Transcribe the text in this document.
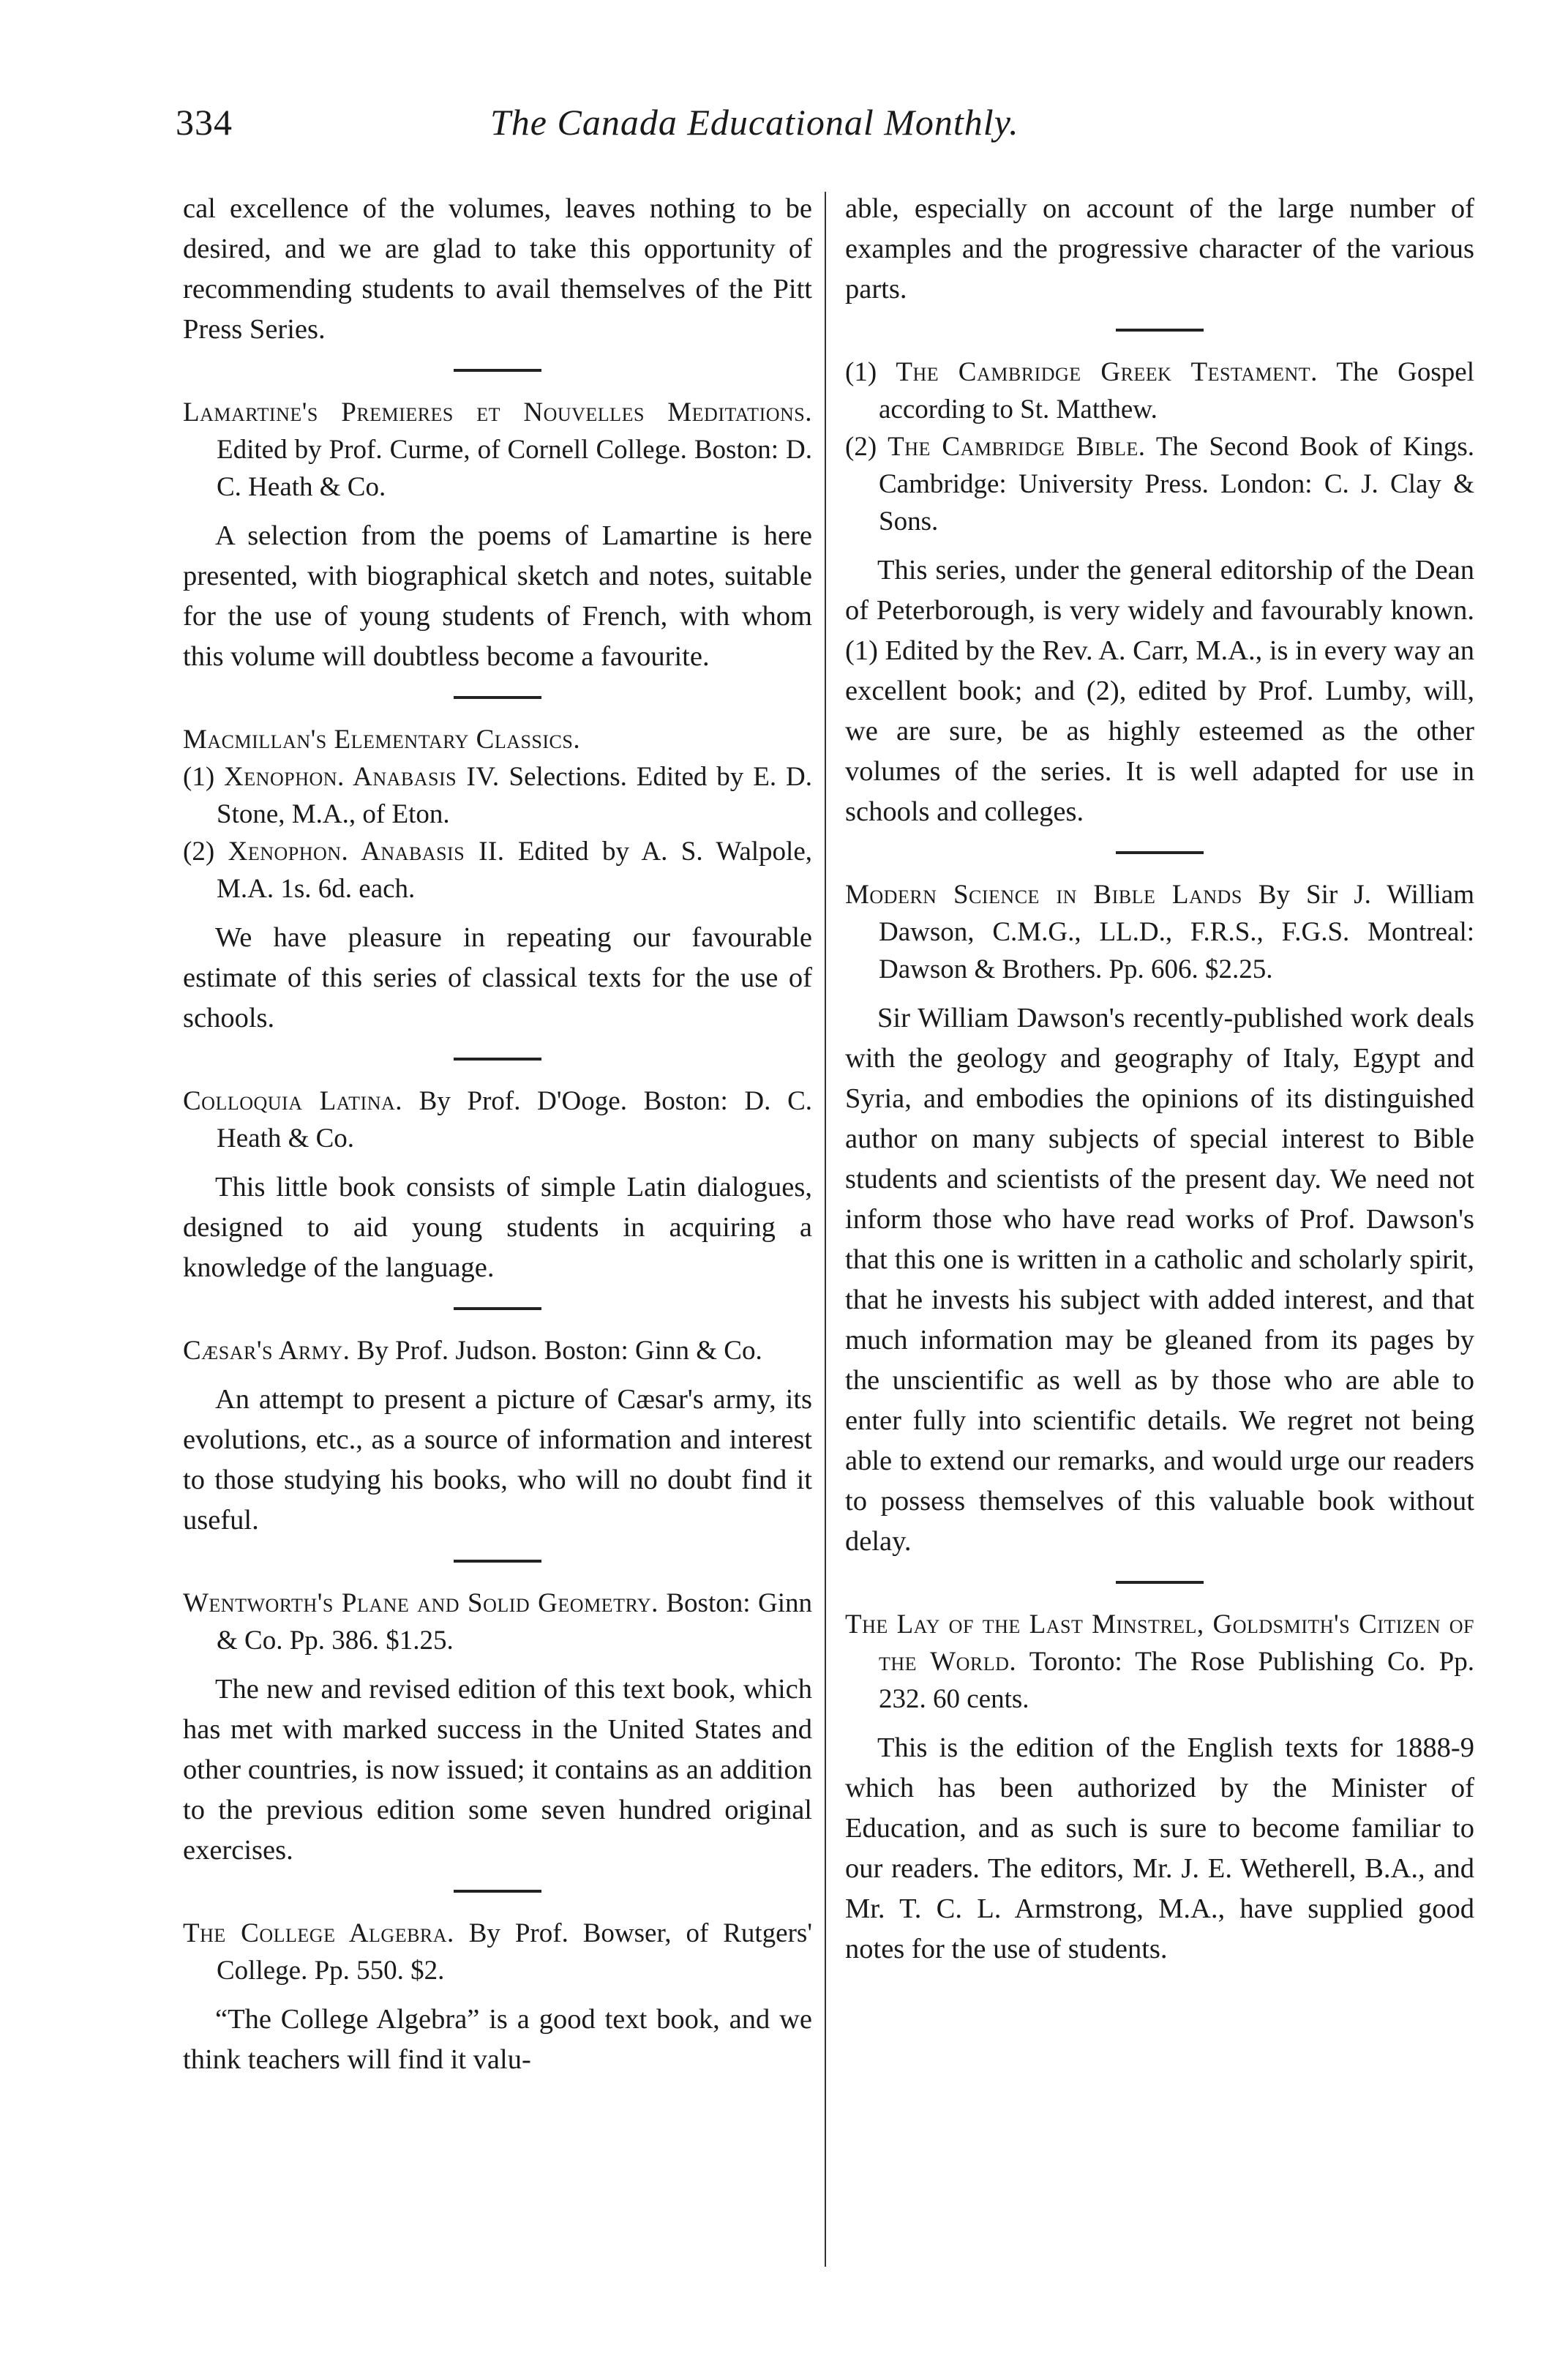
334	The Canada Educational Monthly.

cal excellence of the volumes, leaves nothing to be desired, and we are glad to take this opportunity of recommending students to avail themselves of the Pitt Press Series.

Lamartine's Premieres et Nouvelles Meditations. Edited by Prof. Curme, of Cornell College. Boston: D. C. Heath & Co.

A selection from the poems of Lamartine is here presented, with biographical sketch and notes, suitable for the use of young students of French, with whom this volume will doubtless become a favourite.

Macmillan's Elementary Classics.

(1) Xenophon. Anabasis IV. Selections. Edited by E. D. Stone, M.A., of Eton.

(2) Xenophon. Anabasis II. Edited by A. S. Walpole, M.A. 1s. 6d. each.

We have pleasure in repeating our favourable estimate of this series of classical texts for the use of schools.

Colloquia Latina. By Prof. D'Ooge. Boston: D. C. Heath & Co.

This little book consists of simple Latin dialogues, designed to aid young students in acquiring a knowledge of the language.

Cæsar's Army. By Prof. Judson. Boston: Ginn & Co.

An attempt to present a picture of Cæsar's army, its evolutions, etc., as a source of information and interest to those studying his books, who will no doubt find it useful.

Wentworth's Plane and Solid Geometry. Boston: Ginn & Co. Pp. 386. $1.25.

The new and revised edition of this text book, which has met with marked success in the United States and other countries, is now issued; it contains as an addition to the previous edition some seven hundred original exercises.

The College Algebra. By Prof. Bowser, of Rutgers' College. Pp. 550. $2.

“The College Algebra” is a good text book, and we think teachers will find it valu-

able, especially on account of the large number of examples and the progressive character of the various parts.

(1) The Cambridge Greek Testament. The Gospel according to St. Matthew.

(2) The Cambridge Bible. The Second Book of Kings. Cambridge: University Press. London: C. J. Clay & Sons.

This series, under the general editorship of the Dean of Peterborough, is very widely and favourably known. (1) Edited by the Rev. A. Carr, M.A., is in every way an excellent book; and (2), edited by Prof. Lumby, will, we are sure, be as highly esteemed as the other volumes of the series. It is well adapted for use in schools and colleges.

Modern Science in Bible Lands By Sir J. William Dawson, C.M.G., LL.D., F.R.S., F.G.S. Montreal: Dawson & Brothers. Pp. 606. $2.25.

Sir William Dawson's recently-published work deals with the geology and geography of Italy, Egypt and Syria, and embodies the opinions of its distinguished author on many subjects of special interest to Bible students and scientists of the present day. We need not inform those who have read works of Prof. Dawson's that this one is written in a catholic and scholarly spirit, that he invests his subject with added interest, and that much information may be gleaned from its pages by the unscientific as well as by those who are able to enter fully into scientific details. We regret not being able to extend our remarks, and would urge our readers to possess themselves of this valuable book without delay.

The Lay of the Last Minstrel, Goldsmith's Citizen of the World. Toronto: The Rose Publishing Co. Pp. 232. 60 cents.

This is the edition of the English texts for 1888-9 which has been authorized by the Minister of Education, and as such is sure to become familiar to our readers. The editors, Mr. J. E. Wetherell, B.A., and Mr. T. C. L. Armstrong, M.A., have supplied good notes for the use of students.
